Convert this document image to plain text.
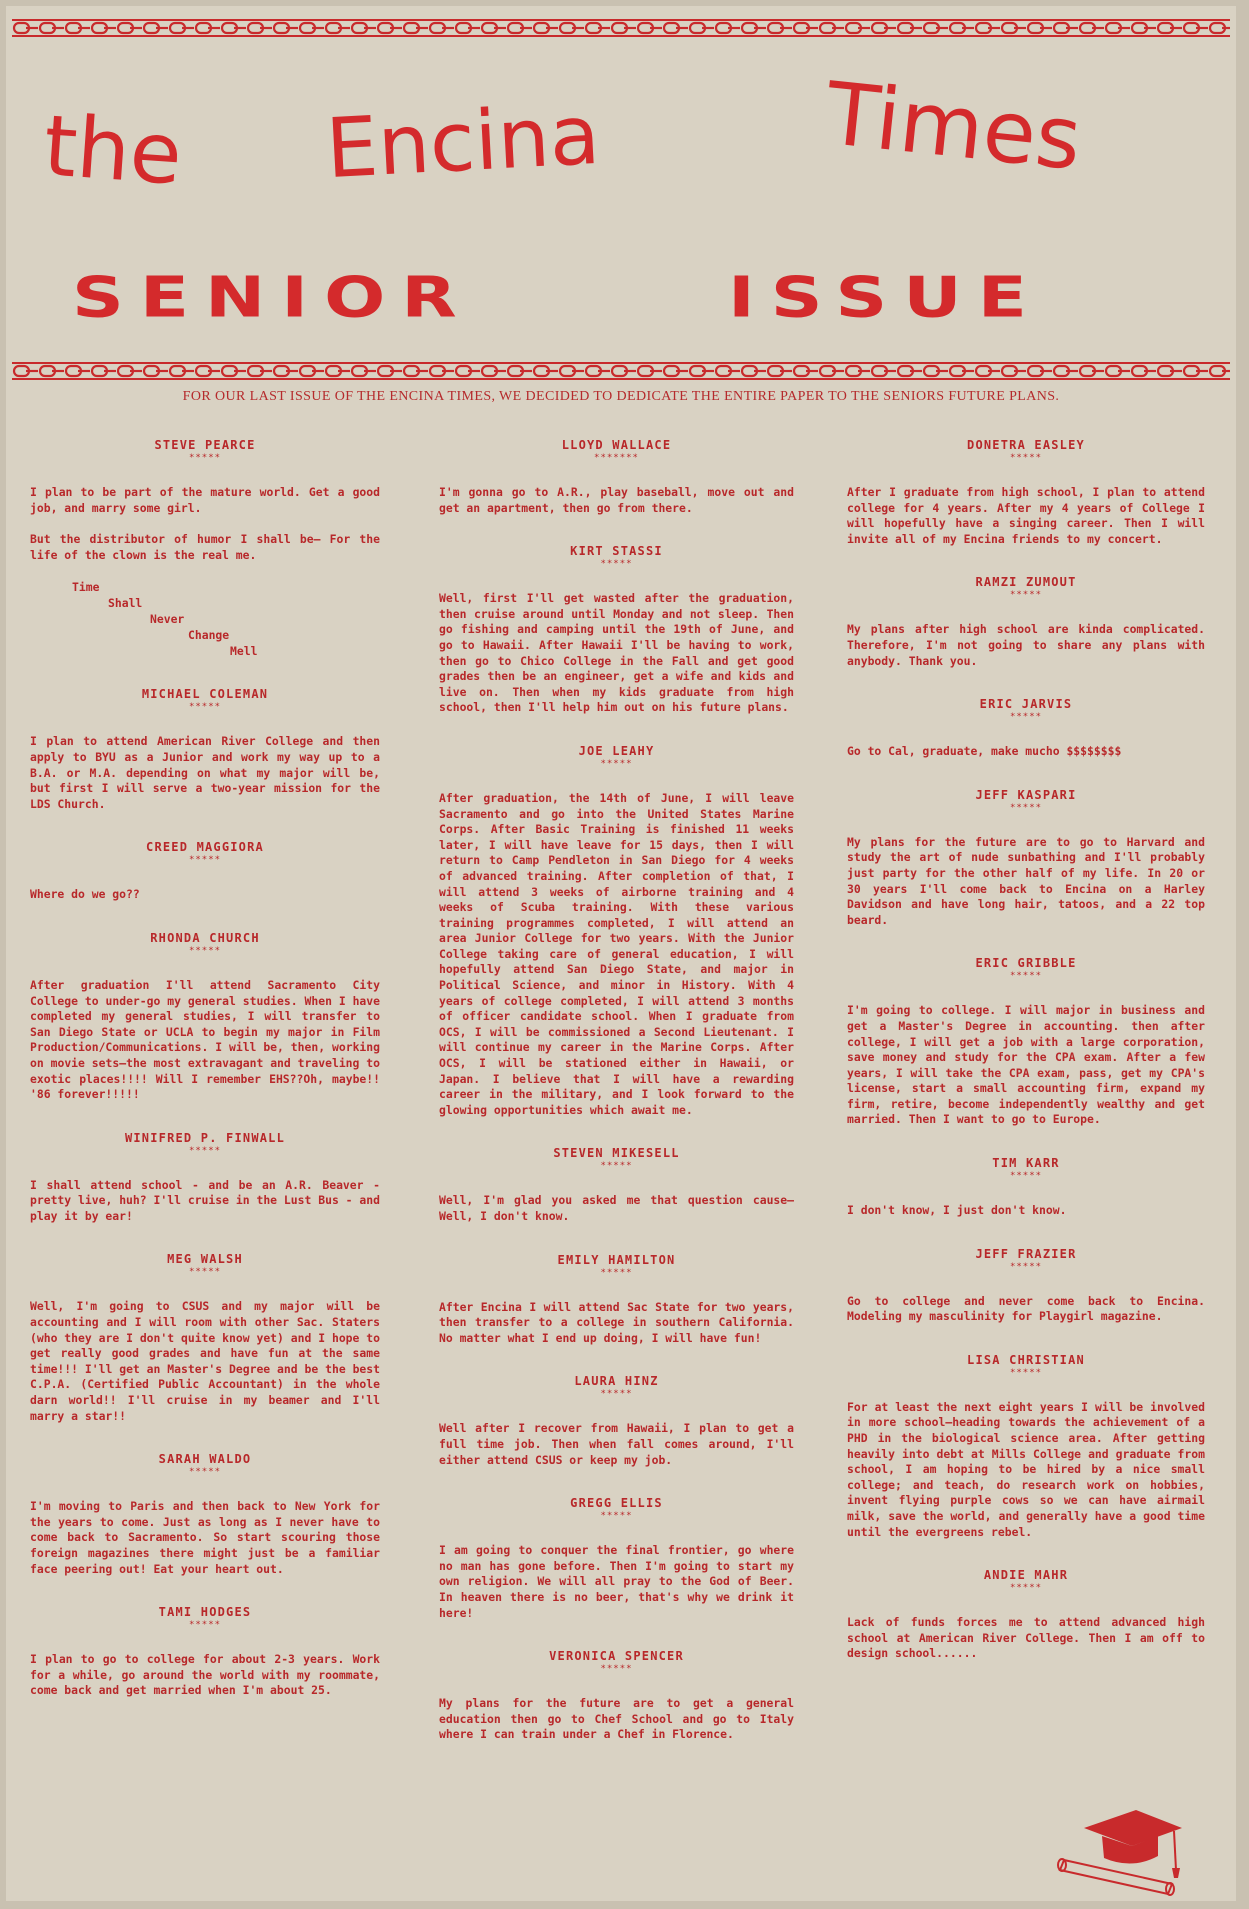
the Encina	Times
SENIOR	ISSUE
FOR OUR LAST ISSUE OF THE ENCINA TIMES, WE DECIDED TO DEDICATE THE ENTIRE PAPER TO THE SENIORS FUTURE PLANS.
STEVE PEARCE
*****

I plan to be part of the mature world. Get a good job, and marry some girl.

But the distributor of humor I shall be— For the life of the clown is the real me.

Time
Shall
Never
Change
Mell
MICHAEL COLEMAN
*****

I plan to attend American River College and then apply to BYU as a Junior and work my way up to a B.A. or M.A. depending on what my major will be, but first I will serve a two-year mission for the LDS Church.

CREED MAGGIORA
*****

Where do we go??

RHONDA CHURCH
*****

After graduation I'll attend Sacramento City College to under-go my general studies. When I have completed my general studies, I will transfer to San Diego State or UCLA to begin my major in Film Production/Communications. I will be, then, working on movie sets—the most extravagant and traveling to exotic places!!!! Will I remember EHS??Oh, maybe!! '86 forever!!!!!

WINIFRED P. FINWALL
*****

I shall attend school - and be an A.R. Beaver - pretty live, huh? I'll cruise in the Lust Bus - and play it by ear!

MEG WALSH
*****

Well, I'm going to CSUS and my major will be accounting and I will room with other Sac. Staters (who they are I don't quite know yet) and I hope to get really good grades and have fun at the same time!!! I'll get an Master's Degree and be the best C.P.A. (Certified Public Accountant) in the whole darn world!! I'll cruise in my beamer and I'll marry a star!!

SARAH WALDO
*****

I'm moving to Paris and then back to New York for the years to come. Just as long as I never have to come back to Sacramento. So start scouring those foreign magazines there might just be a familiar face peering out! Eat your heart out.

TAMI HODGES
*****

I plan to go to college for about 2-3 years. Work for a while, go around the world with my roommate, come back and get married when I'm about 25.

LLOYD WALLACE
*******

I'm gonna go to A.R., play baseball, move out and get an apartment, then go from there.

KIRT STASSI
*****

Well, first I'll get wasted after the graduation, then cruise around until Monday and not sleep. Then go fishing and camping until the 19th of June, and go to Hawaii. After Hawaii I'll be having to work, then go to Chico College in the Fall and get good grades then be an engineer, get a wife and kids and live on. Then when my kids graduate from high school, then I'll help him out on his future plans.

JOE LEAHY
*****

After graduation, the 14th of June, I will leave Sacramento and go into the United States Marine Corps. After Basic Training is finished 11 weeks later, I will have leave for 15 days, then I will return to Camp Pendleton in San Diego for 4 weeks of advanced training. After completion of that, I will attend 3 weeks of airborne training and 4 weeks of Scuba training. With these various training programmes completed, I will attend an area Junior College for two years. With the Junior College taking care of general education, I will hopefully attend San Diego State, and major in Political Science, and minor in History. With 4 years of college completed, I will attend 3 months of officer candidate school. When I graduate from OCS, I will be commissioned a Second Lieutenant. I will continue my career in the Marine Corps. After OCS, I will be stationed either in Hawaii, or Japan. I believe that I will have a rewarding career in the military, and I look forward to the glowing opportunities which await me.

STEVEN MIKESELL
*****

Well, I'm glad you asked me that question cause—Well, I don't know.

EMILY HAMILTON
*****

After Encina I will attend Sac State for two years, then transfer to a college in southern California. No matter what I end up doing, I will have fun!

LAURA HINZ
*****

Well after I recover from Hawaii, I plan to get a full time job. Then when fall comes around, I'll either attend CSUS or keep my job.

GREGG ELLIS
*****

I am going to conquer the final frontier, go where no man has gone before. Then I'm going to start my own religion. We will all pray to the God of Beer. In heaven there is no beer, that's why we drink it here!

VERONICA SPENCER
*****

My plans for the future are to get a general education then go to Chef School and go to Italy where I can train under a Chef in Florence.

DONETRA EASLEY
*****

After I graduate from high school, I plan to attend college for 4 years. After my 4 years of College I will hopefully have a singing career. Then I will invite all of my Encina friends to my concert.

RAMZI ZUMOUT
*****

My plans after high school are kinda complicated. Therefore, I'm not going to share any plans with anybody. Thank you.

ERIC JARVIS
*****

Go to Cal, graduate, make mucho $$$$$$$$

JEFF KASPARI
*****

My plans for the future are to go to Harvard and study the art of nude sunbathing and I'll probably just party for the other half of my life. In 20 or 30 years I'll come back to Encina on a Harley Davidson and have long hair, tatoos, and a 22 top beard.

ERIC GRIBBLE
*****

I'm going to college. I will major in business and get a Master's Degree in accounting. then after college, I will get a job with a large corporation, save money and study for the CPA exam. After a few years, I will take the CPA exam, pass, get my CPA's license, start a small accounting firm, expand my firm, retire, become independently wealthy and get married. Then I want to go to Europe.

TIM KARR
*****

I don't know, I just don't know.

JEFF FRAZIER
*****

Go to college and never come back to Encina. Modeling my masculinity for Playgirl magazine.

LISA CHRISTIAN
*****

For at least the next eight years I will be involved in more school—heading towards the achievement of a PHD in the biological science area. After getting heavily into debt at Mills College and graduate from school, I am hoping to be hired by a nice small college; and teach, do research work on hobbies, invent flying purple cows so we can have airmail milk, save the world, and generally have a good time until the evergreens rebel.

ANDIE MAHR
*****

Lack of funds forces me to attend advanced high school at American River College. Then I am off to design school......
